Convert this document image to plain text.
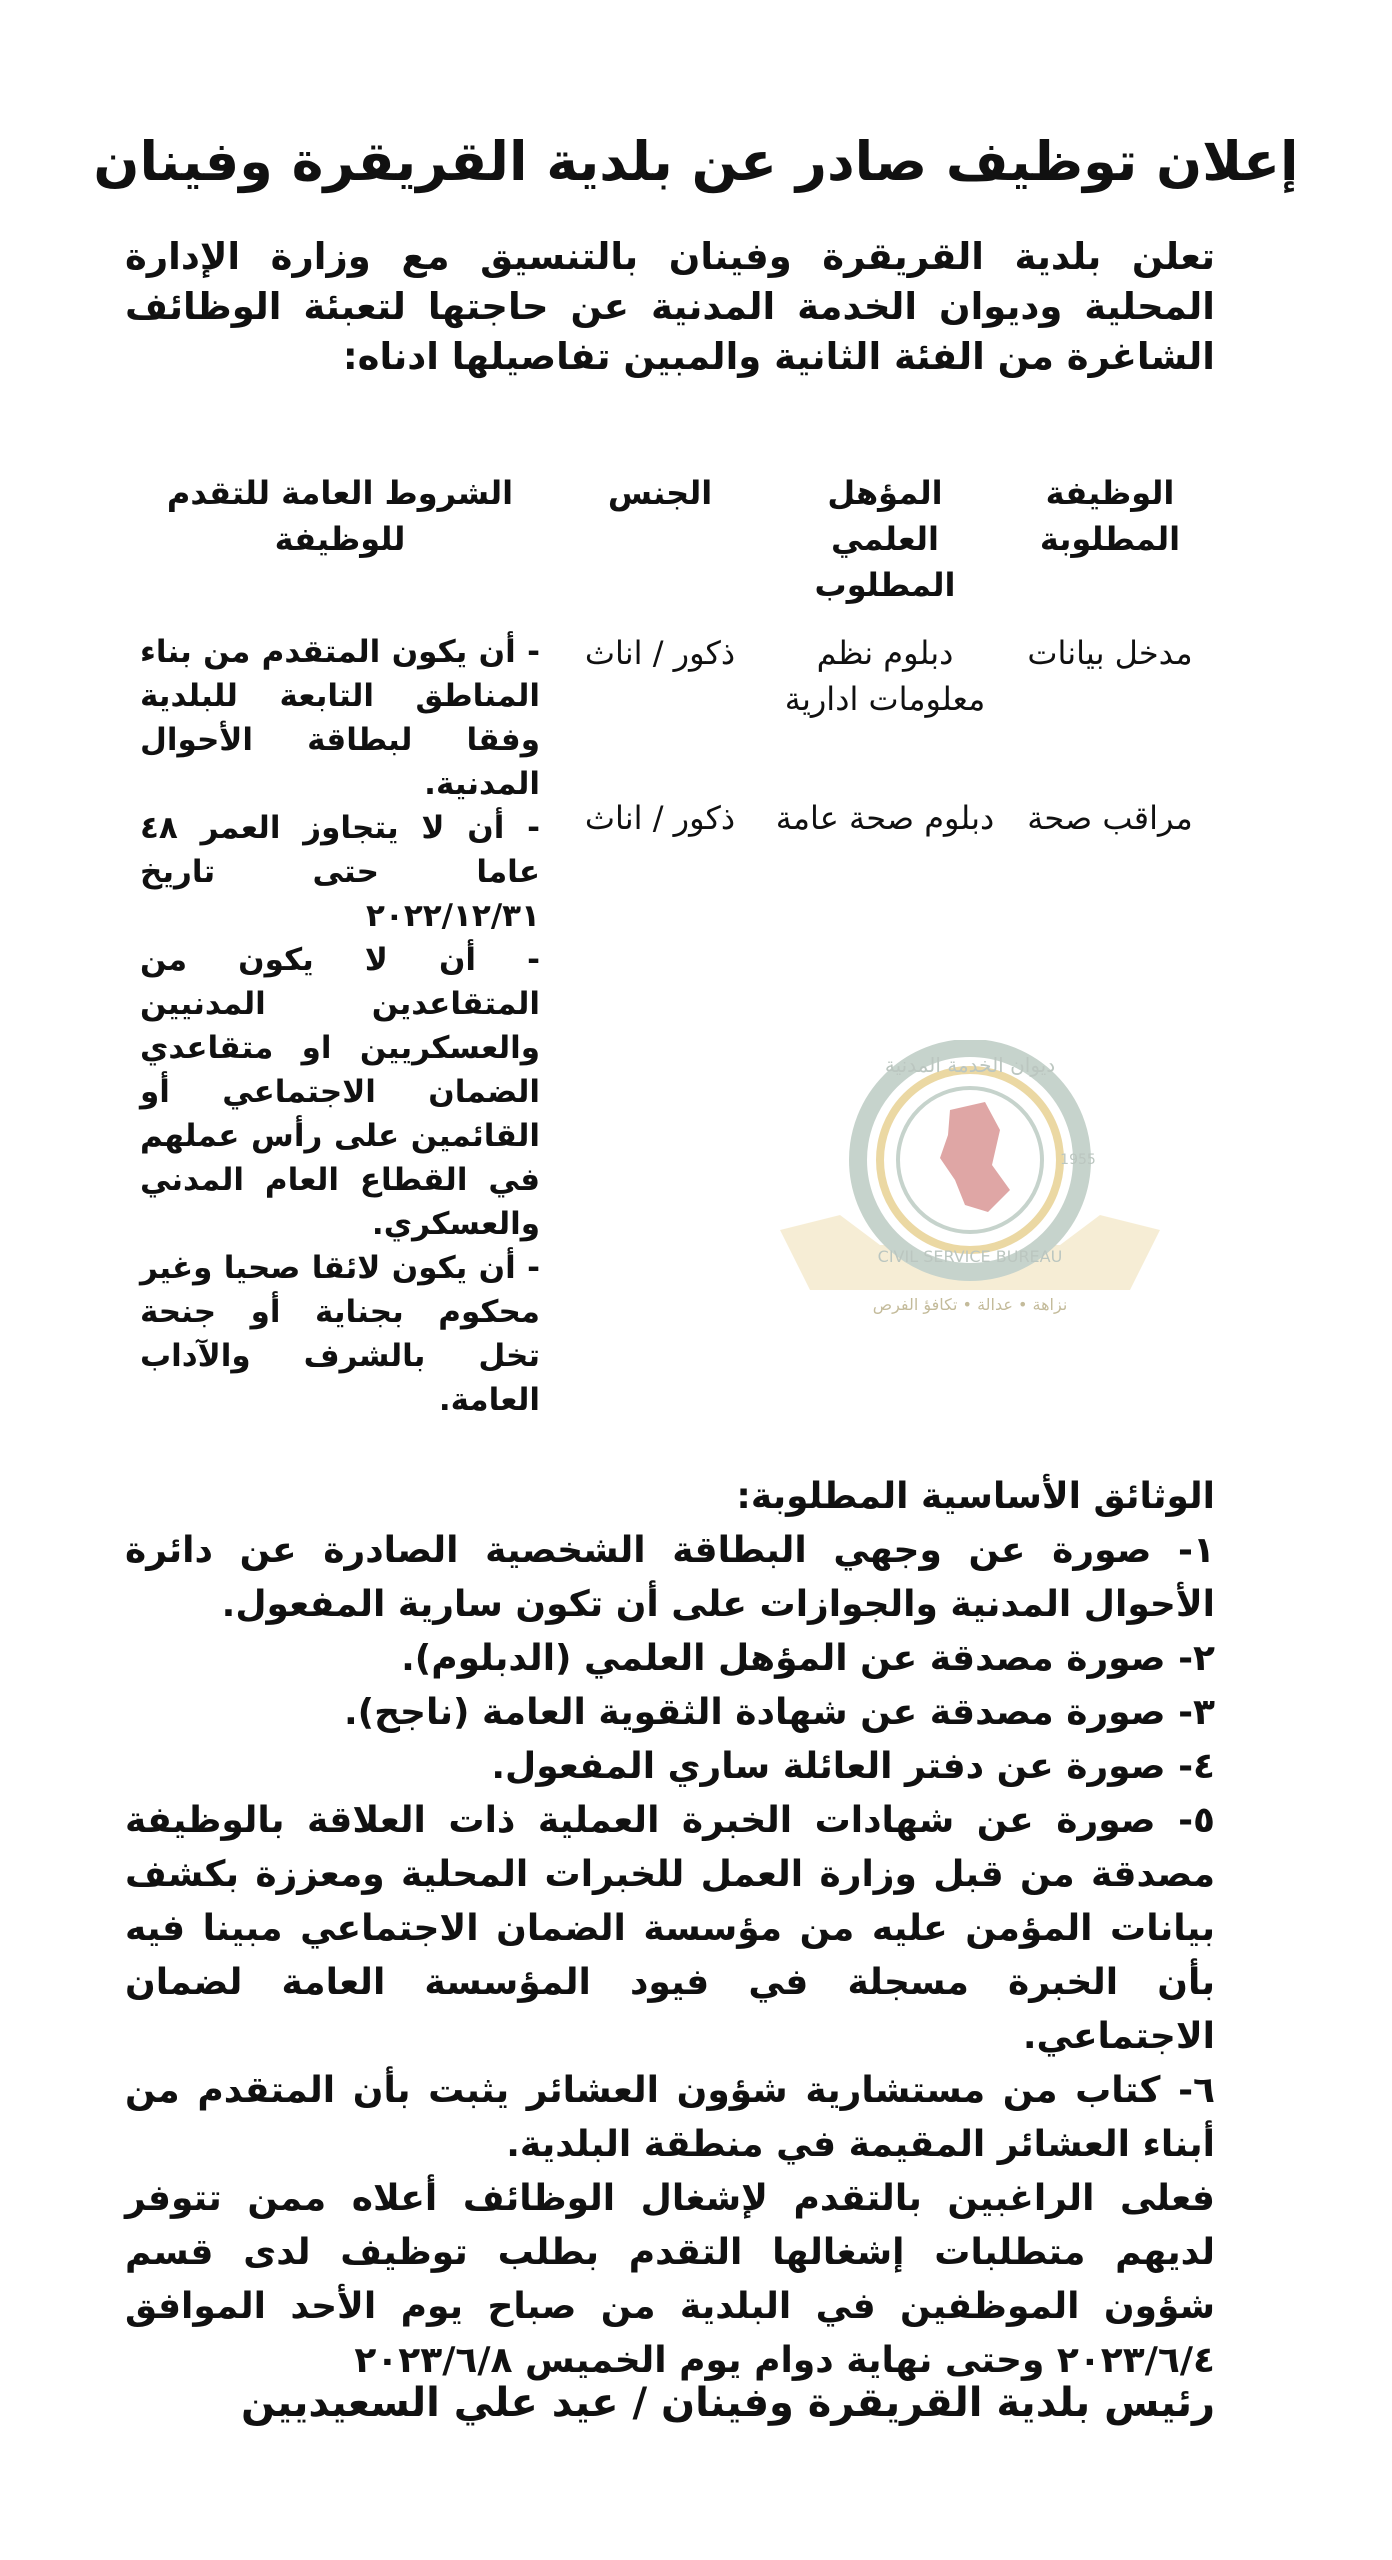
إعلان توظيف صادر عن بلدية القريقرة وفينان

تعلن بلدية القريقرة وفينان بالتنسيق مع وزارة الإدارة المحلية وديوان الخدمة المدنية عن حاجتها لتعبئة الوظائف الشاغرة من الفئة الثانية والمبين تفاصيلها ادناه:

الوظيفة المطلوبة
المؤهل العلمي المطلوب
الجنس
الشروط العامة للتقدم للوظيفة
مدخل بيانات
دبلوم نظم معلومات ادارية
ذكور / اناث
مراقب صحة
دبلوم صحة عامة
ذكور / اناث
- أن يكون المتقدم من بناء المناطق التابعة للبلدية وفقا لبطاقة الأحوال المدنية.
- أن لا يتجاوز العمر ٤٨ عاما حتى تاريخ ٢٠٢٢/١٢/٣١
- أن لا يكون من المتقاعدين المدنيين والعسكريين او متقاعدي الضمان الاجتماعي أو القائمين على رأس عملهم في القطاع العام المدني والعسكري.
- أن يكون لائقا صحيا وغير محكوم بجناية أو جنحة تخل بالشرف والآداب العامة.
ديوان الخدمة المدنية
CIVIL SERVICE BUREAU
1955
نزاهة • عدالة • تكافؤ الفرص

الوثائق الأساسية المطلوبة:

١- صورة عن وجهي البطاقة الشخصية الصادرة عن دائرة الأحوال المدنية والجوازات على أن تكون سارية المفعول.

٢- صورة مصدقة عن المؤهل العلمي (الدبلوم).

٣- صورة مصدقة عن شهادة الثقوية العامة (ناجح).

٤- صورة عن دفتر العائلة ساري المفعول.

٥- صورة عن شهادات الخبرة العملية ذات العلاقة بالوظيفة مصدقة من قبل وزارة العمل للخبرات المحلية ومعززة بكشف بيانات المؤمن عليه من مؤسسة الضمان الاجتماعي مبينا فيه بأن الخبرة مسجلة في فيود المؤسسة العامة لضمان الاجتماعي.

٦- كتاب من مستشارية شؤون العشائر يثبت بأن المتقدم من أبناء العشائر المقيمة في منطقة البلدية.

فعلى الراغبين بالتقدم لإشغال الوظائف أعلاه ممن تتوفر لديهم متطلبات إشغالها التقدم بطلب توظيف لدى قسم شؤون الموظفين في البلدية من صباح يوم الأحد الموافق ٢٠٢٣/٦/٤ وحتى نهاية دوام يوم الخميس ٢٠٢٣/٦/٨

رئيس بلدية القريقرة وفينان / عيد علي السعيديين
